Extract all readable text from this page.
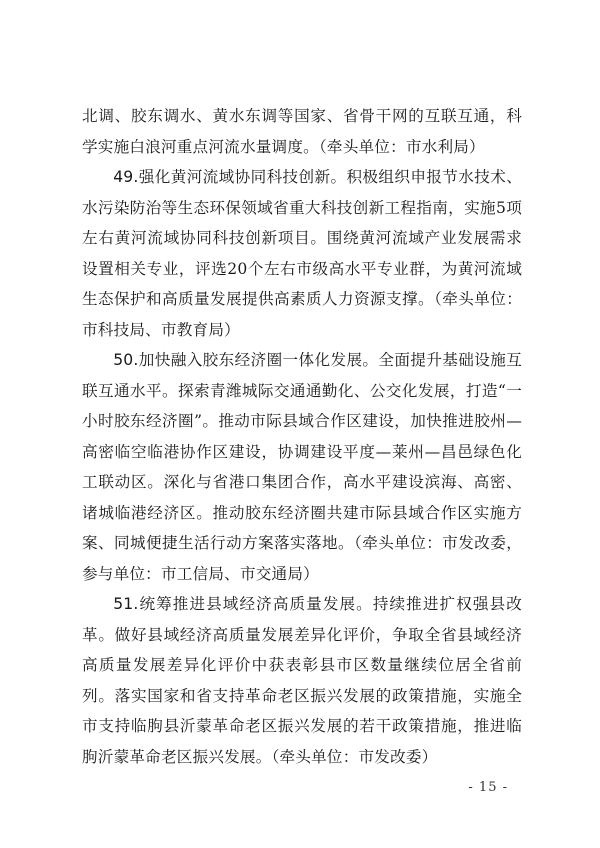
北调、胶东调水、黄水东调等国家、省骨干网的互联互通，科学实施白浪河重点河流水量调度。（牵头单位：市水利局）
49.强化黄河流域协同科技创新。积极组织申报节水技术、水污染防治等生态环保领域省重大科技创新工程指南，实施5项左右黄河流域协同科技创新项目。围绕黄河流域产业发展需求设置相关专业，评选20个左右市级高水平专业群，为黄河流域生态保护和高质量发展提供高素质人力资源支撑。（牵头单位：市科技局、市教育局）
50.加快融入胶东经济圈一体化发展。全面提升基础设施互联互通水平。探索青潍城际交通通勤化、公交化发展，打造“一小时胶东经济圈”。推动市际县域合作区建设，加快推进胶州—高密临空临港协作区建设，协调建设平度—莱州—昌邑绿色化工联动区。深化与省港口集团合作，高水平建设滨海、高密、诸城临港经济区。推动胶东经济圈共建市际县域合作区实施方案、同城便捷生活行动方案落实落地。（牵头单位：市发改委，参与单位：市工信局、市交通局）
51.统筹推进县域经济高质量发展。持续推进扩权强县改革。做好县域经济高质量发展差异化评价，争取全省县域经济高质量发展差异化评价中获表彰县市区数量继续位居全省前列。落实国家和省支持革命老区振兴发展的政策措施，实施全市支持临朐县沂蒙革命老区振兴发展的若干政策措施，推进临朐沂蒙革命老区振兴发展。（牵头单位：市发改委）
- 15 -
